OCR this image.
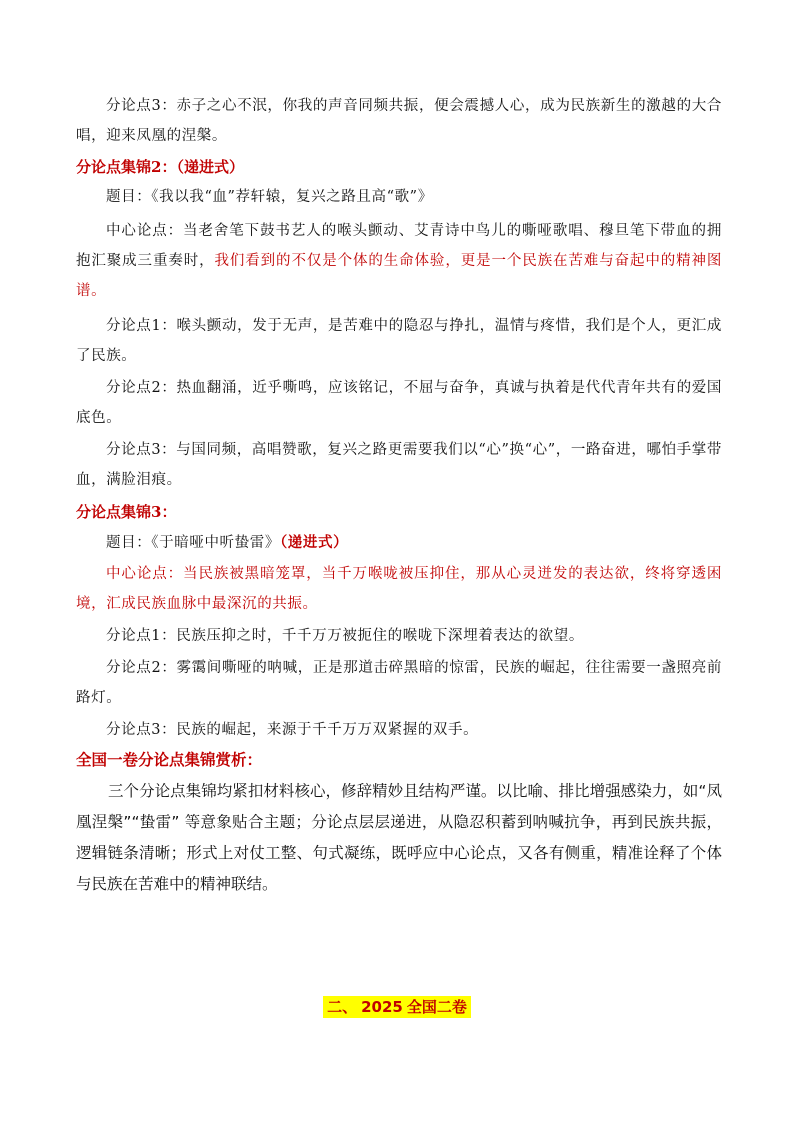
分论点3：赤子之心不泯，你我的声音同频共振，便会震撼人心，成为民族新生的激越的大合唱，迎来凤凰的涅槃。

分论点集锦2：（递进式）

题目：《我以我“血”荐轩辕，复兴之路且高“歌”》

中心论点：当老舍笔下鼓书艺人的喉头颤动、艾青诗中鸟儿的嘶哑歌唱、穆旦笔下带血的拥抱汇聚成三重奏时，我们看到的不仅是个体的生命体验，更是一个民族在苦难与奋起中的精神图谱。

分论点1：喉头颤动，发于无声，是苦难中的隐忍与挣扎，温情与疼惜，我们是个人，更汇成了民族。

分论点2：热血翻涌，近乎嘶鸣，应该铭记，不屈与奋争，真诚与执着是代代青年共有的爱国底色。

分论点3：与国同频，高唱赞歌，复兴之路更需要我们以“心”换“心”，一路奋进，哪怕手掌带血，满脸泪痕。

分论点集锦3：

题目：《于暗哑中听蛰雷》（递进式）

中心论点：当民族被黑暗笼罩，当千万喉咙被压抑住，那从心灵迸发的表达欲，终将穿透困境，汇成民族血脉中最深沉的共振。

分论点1：民族压抑之时，千千万万被扼住的喉咙下深埋着表达的欲望。

分论点2：雾霭间嘶哑的呐喊，正是那道击碎黑暗的惊雷，民族的崛起，往往需要一盏照亮前路灯。

分论点3：民族的崛起，来源于千千万万双紧握的双手。

全国一卷分论点集锦赏析：

三个分论点集锦均紧扣材料核心，修辞精妙且结构严谨。以比喻、排比增强感染力，如“凤凰涅槃”“蛰雷” 等意象贴合主题；分论点层层递进，从隐忍积蓄到呐喊抗争，再到民族共振，逻辑链条清晰；形式上对仗工整、句式凝练，既呼应中心论点，又各有侧重，精准诠释了个体与民族在苦难中的精神联结。

二、 2025 全国二卷
